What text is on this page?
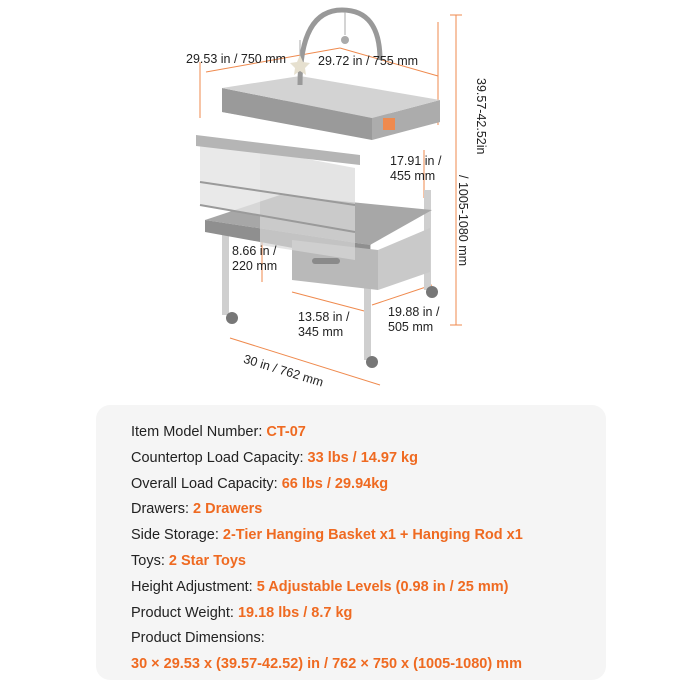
29.53 in / 750 mm	29.72 in / 755 mm
17.91 in /
455 mm
8.66 in /
220 mm
13.58 in /
345 mm
19.88 in /
505 mm
30 in / 762 mm
39.57-42.52in
/ 1005-1080 mm
Item Model Number: CT-07
Countertop Load Capacity: 33 lbs / 14.97 kg
Overall Load Capacity: 66 lbs / 29.94kg
Drawers: 2 Drawers
Side Storage: 2-Tier Hanging Basket x1 + Hanging Rod x1
Toys: 2 Star Toys
Height Adjustment: 5 Adjustable Levels (0.98 in / 25 mm)
Product Weight: 19.18 lbs / 8.7 kg
Product Dimensions:
30 × 29.53 x (39.57-42.52) in / 762 × 750 x (1005-1080) mm
